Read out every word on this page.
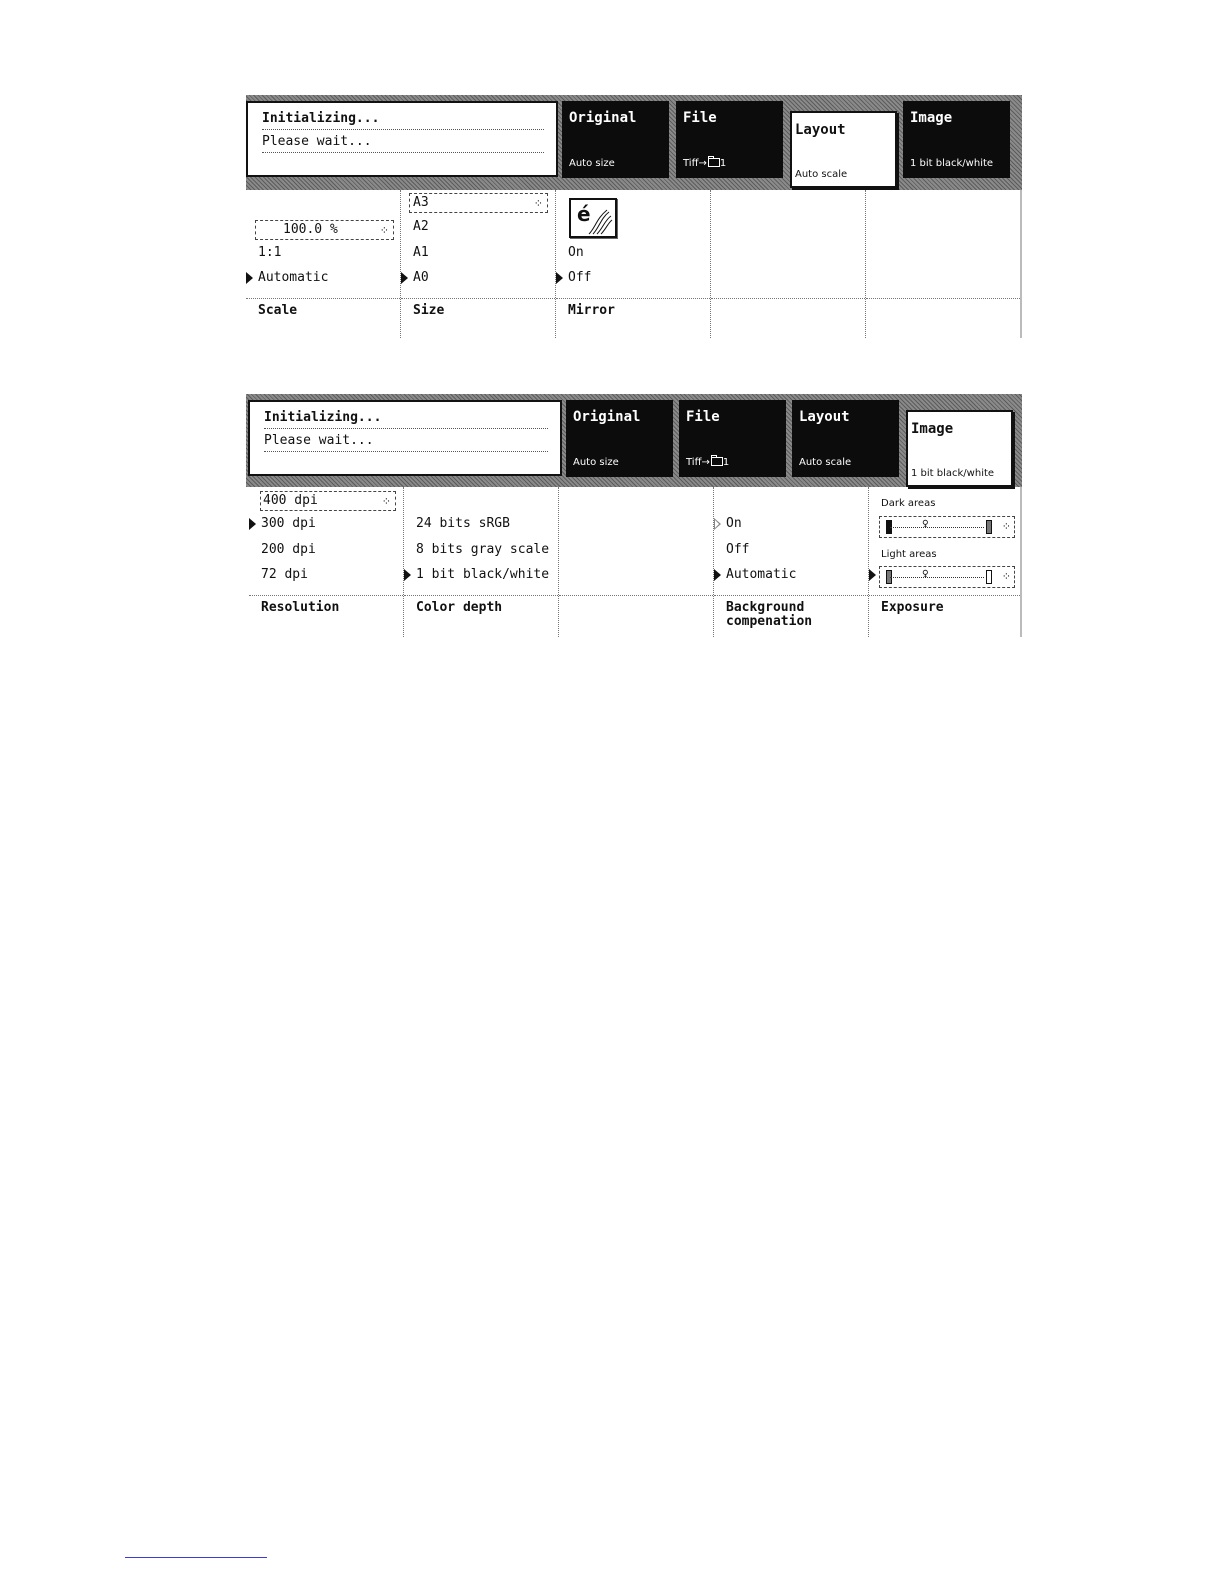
Initializing...
Please wait...
Original
Auto size
File
Tiff→ 1
Layout
Auto scale
Image
1 bit black/white
100.0 %	⁘
1:1
Automatic
Scale
A3	⁘
A2
A1
A0
Size
é
On
Off
Mirror
Initializing...
Please wait...
Original
Auto size
File
Tiff→ 1
Layout
Auto scale
Image
1 bit black/white
400 dpi	⁘
300 dpi
200 dpi
72 dpi
Resolution
24 bits sRGB
8 bits gray scale
1 bit black/white
Color depth
On
Off
Automatic
Background
compenation
Dark areas
♀	⁘
Light areas
♀	⁘
Exposure
